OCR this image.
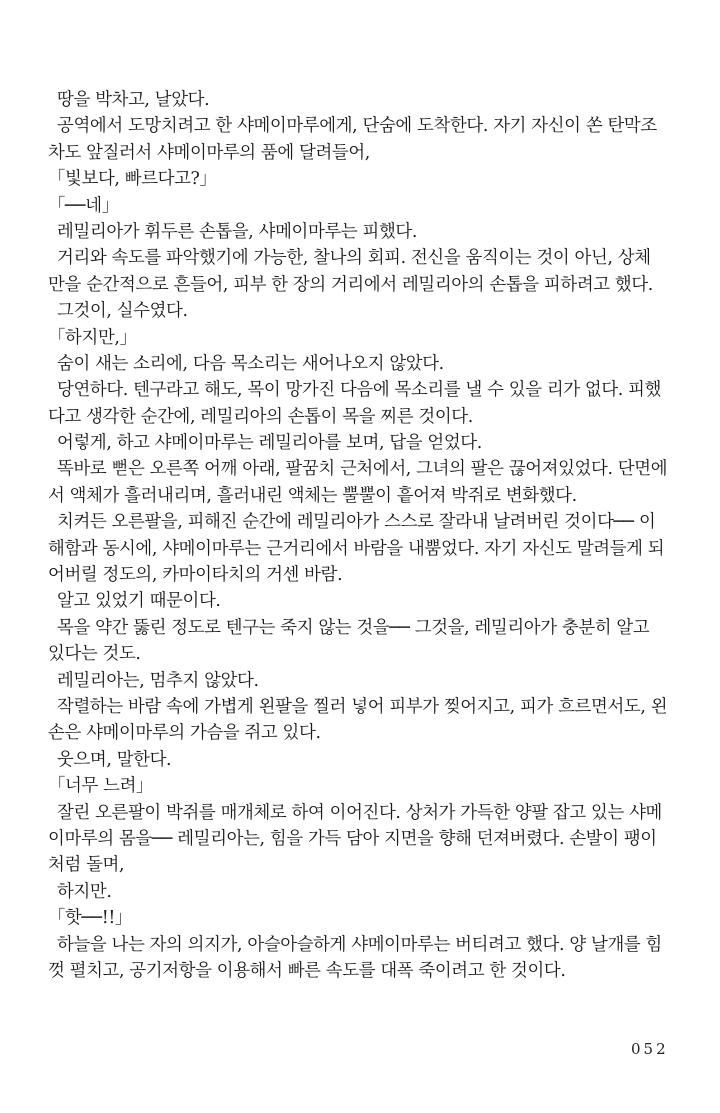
땅을 박차고, 날았다.
공역에서 도망치려고 한 샤메이마루에게, 단숨에 도착한다. 자기 자신이 쏜 탄막조
차도 앞질러서 샤메이마루의 품에 달려들어,
「빛보다, 빠르다고?」
「──네」
레밀리아가 휘두른 손톱을, 샤메이마루는 피했다.
거리와 속도를 파악했기에 가능한, 찰나의 회피. 전신을 움직이는 것이 아닌, 상체
만을 순간적으로 흔들어, 피부 한 장의 거리에서 레밀리아의 손톱을 피하려고 했다.
그것이, 실수였다.
「하지만,」
숨이 새는 소리에, 다음 목소리는 새어나오지 않았다.
당연하다. 텐구라고 해도, 목이 망가진 다음에 목소리를 낼 수 있을 리가 없다. 피했
다고 생각한 순간에, 레밀리아의 손톱이 목을 찌른 것이다.
어렇게, 하고 샤메이마루는 레밀리아를 보며, 답을 얻었다.
똑바로 뻗은 오른쪽 어깨 아래, 팔꿈치 근처에서, 그녀의 팔은 끊어져있었다. 단면에
서 액체가 흘러내리며, 흘러내린 액체는 뿔뿔이 흩어져 박쥐로 변화했다.
치켜든 오른팔을, 피해진 순간에 레밀리아가 스스로 잘라내 날려버린 것이다── 이
해함과 동시에, 샤메이마루는 근거리에서 바람을 내뿜었다. 자기 자신도 말려들게 되
어버릴 정도의, 카마이타치의 거센 바람.
알고 있었기 때문이다.
목을 약간 뚫린 정도로 텐구는 죽지 않는 것을── 그것을, 레밀리아가 충분히 알고
있다는 것도.
레밀리아는, 멈추지 않았다.
작렬하는 바람 속에 가볍게 왼팔을 찔러 넣어 피부가 찢어지고, 피가 흐르면서도, 왼
손은 샤메이마루의 가슴을 쥐고 있다.
웃으며, 말한다.
「너무 느려」
잘린 오른팔이 박쥐를 매개체로 하여 이어진다. 상처가 가득한 양팔 잡고 있는 샤메
이마루의 몸을── 레밀리아는, 힘을 가득 담아 지면을 향해 던져버렸다. 손발이 팽이
처럼 돌며,
하지만.
「핫──!!」
하늘을 나는 자의 의지가, 아슬아슬하게 샤메이마루는 버티려고 했다. 양 날개를 힘
껏 펼치고, 공기저항을 이용해서 빠른 속도를 대폭 죽이려고 한 것이다.
052
